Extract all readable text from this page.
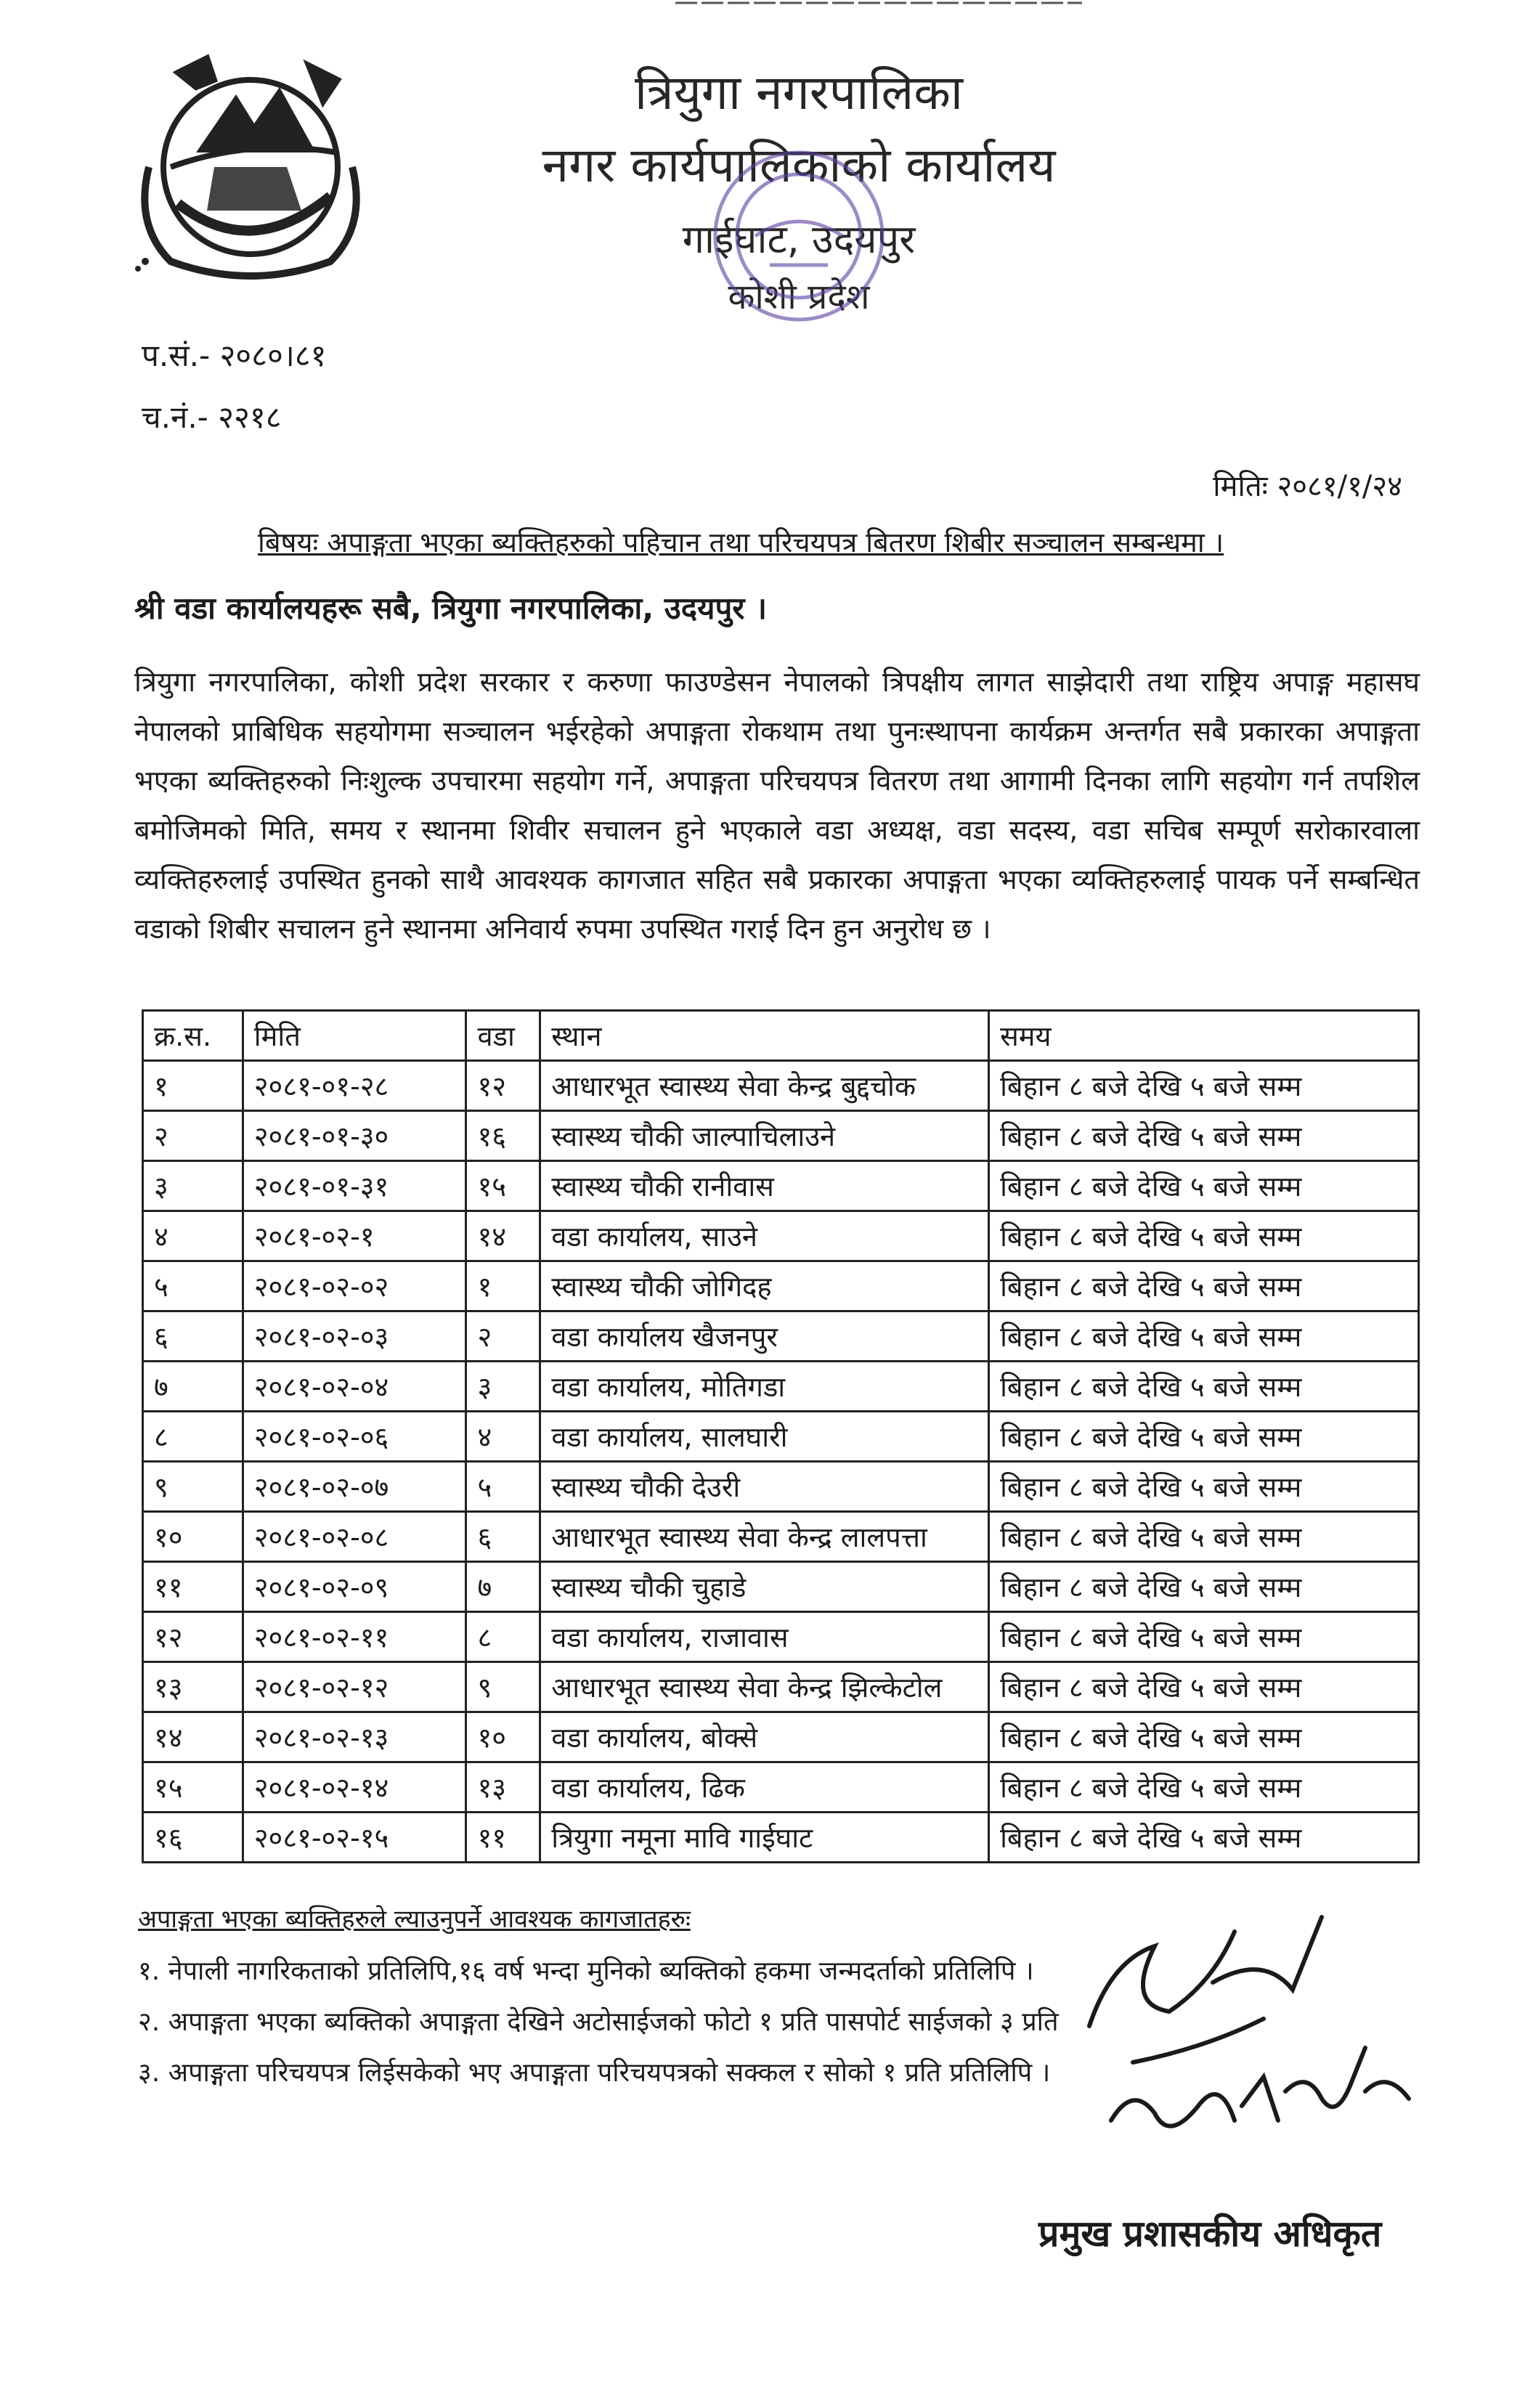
त्रियुगा नगरपालिका
नगर कार्यपालिकाको कार्यालय
गाईघाट, उदयपुर
कोशी प्रदेश
प.सं.- २०८०।८१
च.नं.- २२१८
मितिः २०८१/१/२४
बिषयः अपाङ्गता भएका ब्यक्तिहरुको पहिचान तथा परिचयपत्र बितरण शिबीर सञ्चालन सम्बन्धमा ।
श्री वडा कार्यालयहरू सबै, त्रियुगा नगरपालिका, उदयपुर ।
त्रियुगा नगरपालिका, कोशी प्रदेश सरकार र करुणा फाउण्डेसन नेपालको त्रिपक्षीय लागत साझेदारी तथा राष्ट्रिय अपाङ्ग महासघ नेपालको प्राबिधिक सहयोगमा सञ्चालन भईरहेको अपाङ्गता रोकथाम तथा पुनःस्थापना कार्यक्रम अन्तर्गत सबै प्रकारका अपाङ्गता भएका ब्यक्तिहरुको निःशुल्क उपचारमा सहयोग गर्ने, अपाङ्गता परिचयपत्र वितरण तथा आगामी दिनका लागि सहयोग गर्न तपशिल बमोजिमको मिति, समय र स्थानमा शिवीर सचालन हुने भएकाले वडा अध्यक्ष, वडा सदस्य, वडा सचिब सम्पूर्ण सरोकारवाला व्यक्तिहरुलाई उपस्थित हुनको साथै आवश्यक कागजात सहित सबै प्रकारका अपाङ्गता भएका व्यक्तिहरुलाई पायक पर्ने सम्बन्धित वडाको शिबीर सचालन हुने स्थानमा अनिवार्य रुपमा उपस्थित गराई दिन हुन अनुरोध छ ।
क्र.स.	मिति	वडा	स्थान	समय
१	२०८१-०१-२८	१२	आधारभूत स्वास्थ्य सेवा केन्द्र बुद्दचोक	बिहान ८ बजे देखि ५ बजे सम्म
२	२०८१-०१-३०	१६	स्वास्थ्य चौकी जाल्पाचिलाउने	बिहान ८ बजे देखि ५ बजे सम्म
३	२०८१-०१-३१	१५	स्वास्थ्य चौकी रानीवास	बिहान ८ बजे देखि ५ बजे सम्म
४	२०८१-०२-१	१४	वडा कार्यालय, साउने	बिहान ८ बजे देखि ५ बजे सम्म
५	२०८१-०२-०२	१	स्वास्थ्य चौकी जोगिदह	बिहान ८ बजे देखि ५ बजे सम्म
६	२०८१-०२-०३	२	वडा कार्यालय खैजनपुर	बिहान ८ बजे देखि ५ बजे सम्म
७	२०८१-०२-०४	३	वडा कार्यालय, मोतिगडा	बिहान ८ बजे देखि ५ बजे सम्म
८	२०८१-०२-०६	४	वडा कार्यालय, सालघारी	बिहान ८ बजे देखि ५ बजे सम्म
९	२०८१-०२-०७	५	स्वास्थ्य चौकी देउरी	बिहान ८ बजे देखि ५ बजे सम्म
१०	२०८१-०२-०८	६	आधारभूत स्वास्थ्य सेवा केन्द्र लालपत्ता	बिहान ८ बजे देखि ५ बजे सम्म
११	२०८१-०२-०९	७	स्वास्थ्य चौकी चुहाडे	बिहान ८ बजे देखि ५ बजे सम्म
१२	२०८१-०२-११	८	वडा कार्यालय, राजावास	बिहान ८ बजे देखि ५ बजे सम्म
१३	२०८१-०२-१२	९	आधारभूत स्वास्थ्य सेवा केन्द्र झिल्केटोल	बिहान ८ बजे देखि ५ बजे सम्म
१४	२०८१-०२-१३	१०	वडा कार्यालय, बोक्से	बिहान ८ बजे देखि ५ बजे सम्म
१५	२०८१-०२-१४	१३	वडा कार्यालय, ढिक	बिहान ८ बजे देखि ५ बजे सम्म
१६	२०८१-०२-१५	११	त्रियुगा नमूना मावि गाईघाट	बिहान ८ बजे देखि ५ बजे सम्म
अपाङ्गता भएका ब्यक्तिहरुले ल्याउनुपर्ने आवश्यक कागजातहरुः
१. नेपाली नागरिकताको प्रतिलिपि,१६ वर्ष भन्दा मुनिको ब्यक्तिको हकमा जन्मदर्ताको प्रतिलिपि ।
२. अपाङ्गता भएका ब्यक्तिको अपाङ्गता देखिने अटोसाईजको फोटो १ प्रति पासपोर्ट साईजको ३ प्रति
३. अपाङ्गता परिचयपत्र लिईसकेको भए अपाङ्गता परिचयपत्रको सक्कल र सोको १ प्रति प्रतिलिपि ।
प्रमुख प्रशासकीय अधिकृत
